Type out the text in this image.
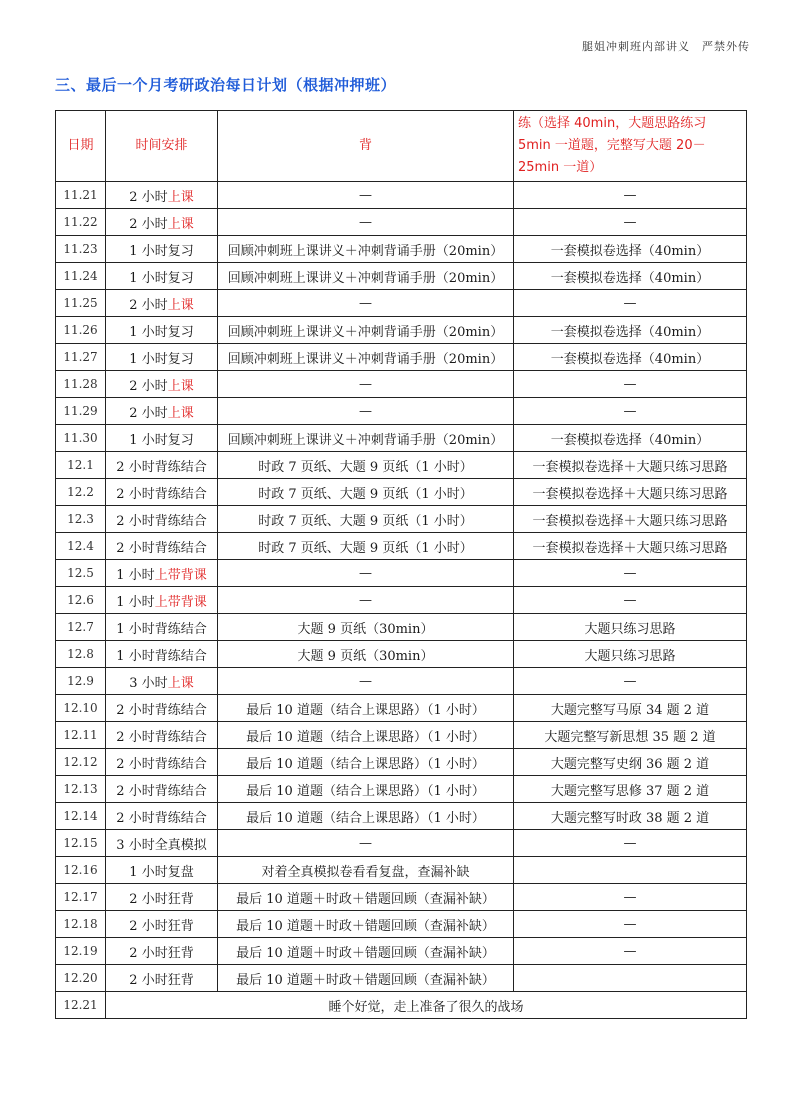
腿姐冲刺班内部讲义　严禁外传
三、最后一个月考研政治每日计划（根据冲押班）
日期	时间安排	背	练（选择 40min，大题思路练习 5min 一道题，完整写大题 20－25min 一道）
11.21	2 小时上课	—	—
11.22	2 小时上课	—	—
11.23	1 小时复习	回顾冲刺班上课讲义＋冲刺背诵手册（20min）	一套模拟卷选择（40min）
11.24	1 小时复习	回顾冲刺班上课讲义＋冲刺背诵手册（20min）	一套模拟卷选择（40min）
11.25	2 小时上课	—	—
11.26	1 小时复习	回顾冲刺班上课讲义＋冲刺背诵手册（20min）	一套模拟卷选择（40min）
11.27	1 小时复习	回顾冲刺班上课讲义＋冲刺背诵手册（20min）	一套模拟卷选择（40min）
11.28	2 小时上课	—	—
11.29	2 小时上课	—	—
11.30	1 小时复习	回顾冲刺班上课讲义＋冲刺背诵手册（20min）	一套模拟卷选择（40min）
12.1	2 小时背练结合	时政 7 页纸、大题 9 页纸（1 小时）	一套模拟卷选择＋大题只练习思路
12.2	2 小时背练结合	时政 7 页纸、大题 9 页纸（1 小时）	一套模拟卷选择＋大题只练习思路
12.3	2 小时背练结合	时政 7 页纸、大题 9 页纸（1 小时）	一套模拟卷选择＋大题只练习思路
12.4	2 小时背练结合	时政 7 页纸、大题 9 页纸（1 小时）	一套模拟卷选择＋大题只练习思路
12.5	1 小时上带背课	—	—
12.6	1 小时上带背课	—	—
12.7	1 小时背练结合	大题 9 页纸（30min）	大题只练习思路
12.8	1 小时背练结合	大题 9 页纸（30min）	大题只练习思路
12.9	3 小时上课	—	—
12.10	2 小时背练结合	最后 10 道题（结合上课思路）（1 小时）	大题完整写马原 34 题 2 道
12.11	2 小时背练结合	最后 10 道题（结合上课思路）（1 小时）	大题完整写新思想 35 题 2 道
12.12	2 小时背练结合	最后 10 道题（结合上课思路）（1 小时）	大题完整写史纲 36 题 2 道
12.13	2 小时背练结合	最后 10 道题（结合上课思路）（1 小时）	大题完整写思修 37 题 2 道
12.14	2 小时背练结合	最后 10 道题（结合上课思路）（1 小时）	大题完整写时政 38 题 2 道
12.15	3 小时全真模拟	—	—
12.16	1 小时复盘	对着全真模拟卷看看复盘，查漏补缺	
12.17	2 小时狂背	最后 10 道题＋时政＋错题回顾（查漏补缺）	—
12.18	2 小时狂背	最后 10 道题＋时政＋错题回顾（查漏补缺）	—
12.19	2 小时狂背	最后 10 道题＋时政＋错题回顾（查漏补缺）	—
12.20	2 小时狂背	最后 10 道题＋时政＋错题回顾（查漏补缺）	
12.21	睡个好觉，走上准备了很久的战场		
